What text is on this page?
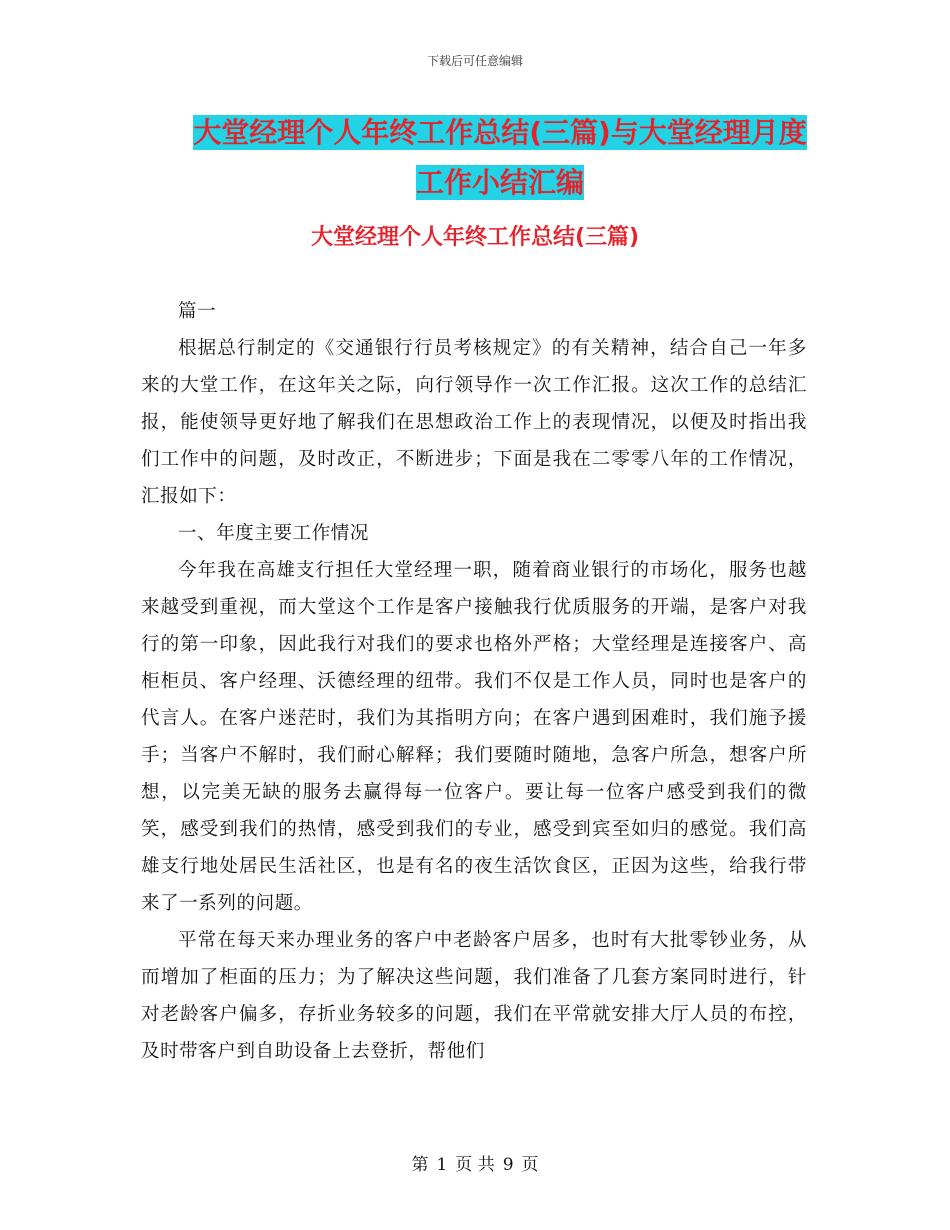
下载后可任意编辑
大堂经理个人年终工作总结(三篇)与大堂经理月度工作小结汇编
大堂经理个人年终工作总结(三篇)

篇一

根据总行制定的《交通银行行员考核规定》的有关精神，结合自己一年多来的大堂工作，在这年关之际，向行领导作一次工作汇报。这次工作的总结汇报，能使领导更好地了解我们在思想政治工作上的表现情况，以便及时指出我们工作中的问题，及时改正，不断进步；下面是我在二零零八年的工作情况，汇报如下：

一、年度主要工作情况

今年我在高雄支行担任大堂经理一职，随着商业银行的市场化，服务也越来越受到重视，而大堂这个工作是客户接触我行优质服务的开端，是客户对我行的第一印象，因此我行对我们的要求也格外严格；大堂经理是连接客户、高柜柜员、客户经理、沃德经理的纽带。我们不仅是工作人员，同时也是客户的代言人。在客户迷茫时，我们为其指明方向；在客户遇到困难时，我们施予援手；当客户不解时，我们耐心解释；我们要随时随地，急客户所急，想客户所想，以完美无缺的服务去赢得每一位客户。要让每一位客户感受到我们的微笑，感受到我们的热情，感受到我们的专业，感受到宾至如归的感觉。我们高雄支行地处居民生活社区，也是有名的夜生活饮食区，正因为这些，给我行带来了一系列的问题。

平常在每天来办理业务的客户中老龄客户居多，也时有大批零钞业务，从而增加了柜面的压力；为了解决这些问题，我们准备了几套方案同时进行，针对老龄客户偏多，存折业务较多的问题，我们在平常就安排大厅人员的布控，及时带客户到自助设备上去登折，帮他们

第 1 页 共 9 页
